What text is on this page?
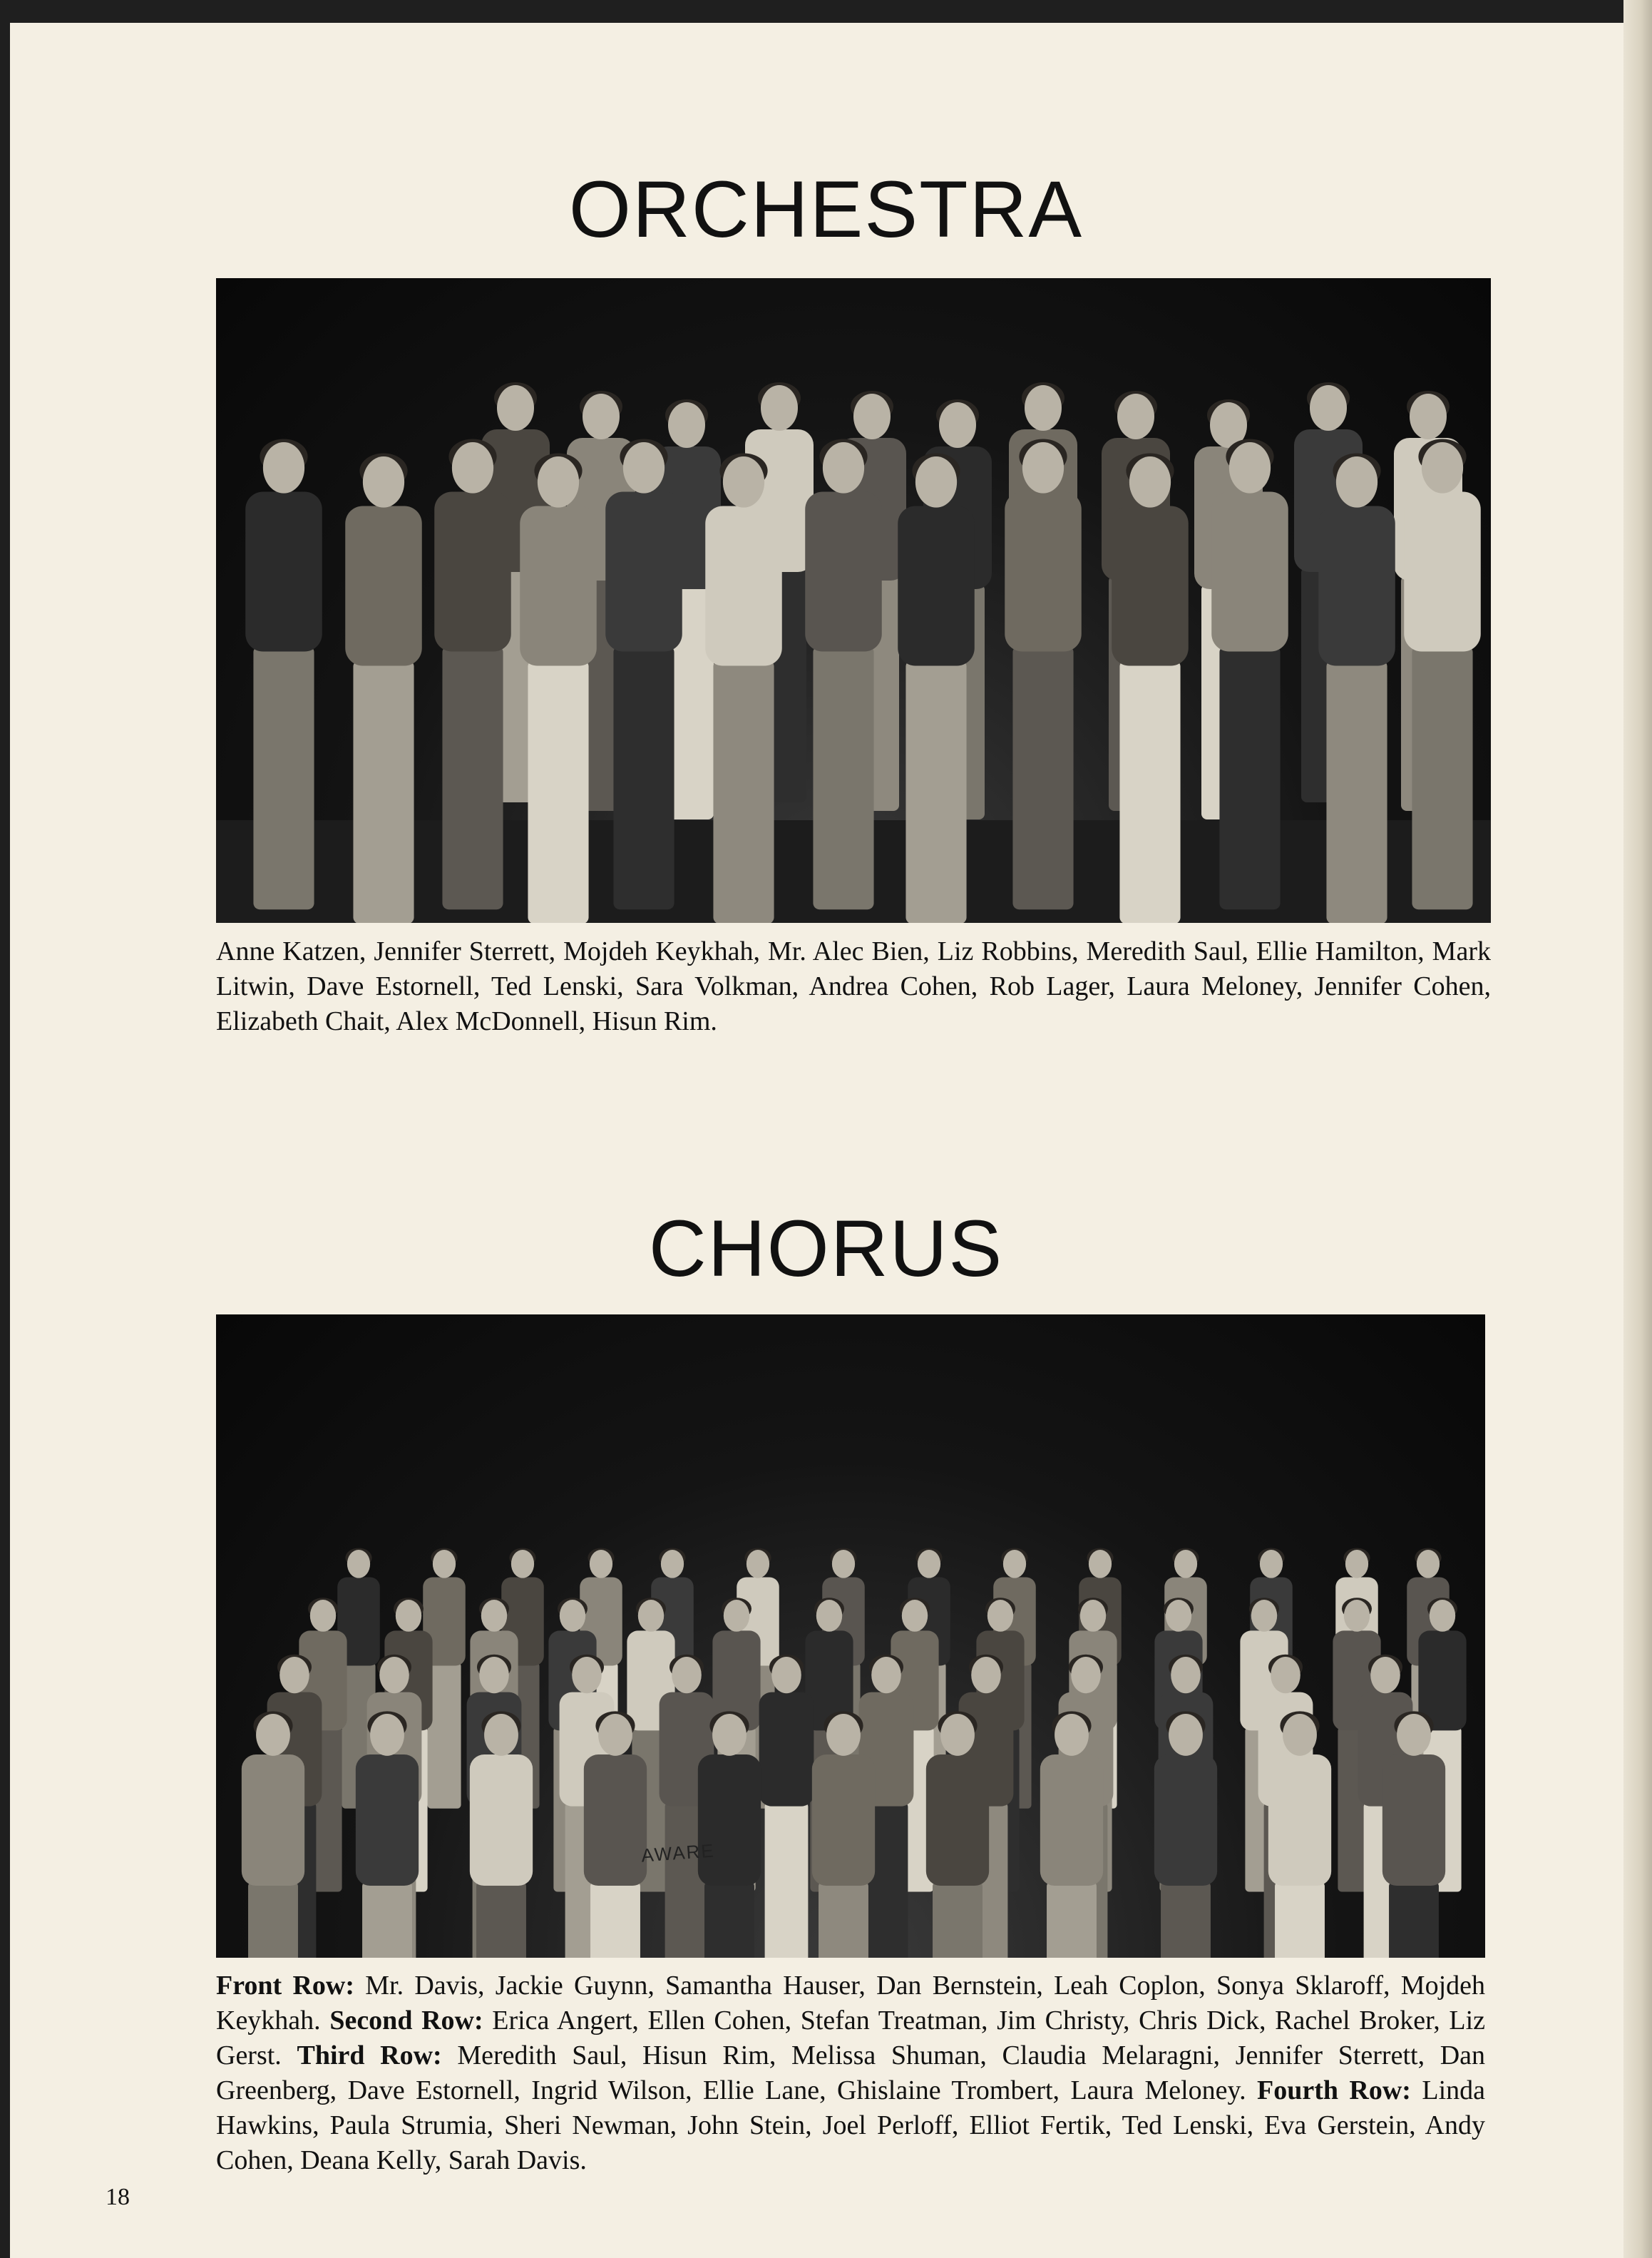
ORCHESTRA

Anne Katzen, Jennifer Sterrett, Mojdeh Keykhah, Mr. Alec Bien, Liz Robbins, Meredith Saul, Ellie Hamilton, Mark Litwin, Dave Estornell, Ted Lenski, Sara Volkman, Andrea Cohen, Rob Lager, Laura Meloney, Jennifer Cohen, Elizabeth Chait, Alex McDonnell, Hisun Rim.

CHORUS
AWARE

Front Row: Mr. Davis, Jackie Guynn, Samantha Hauser, Dan Bernstein, Leah Coplon, Sonya Sklaroff, Mojdeh Keykhah. Second Row: Erica Angert, Ellen Cohen, Stefan Treatman, Jim Christy, Chris Dick, Rachel Broker, Liz Gerst. Third Row: Meredith Saul, Hisun Rim, Melissa Shuman, Claudia Melaragni, Jennifer Sterrett, Dan Greenberg, Dave Estornell, Ingrid Wilson, Ellie Lane, Ghislaine Trombert, Laura Meloney. Fourth Row: Linda Hawkins, Paula Strumia, Sheri Newman, John Stein, Joel Perloff, Elliot Fertik, Ted Lenski, Eva Gerstein, Andy Cohen, Deana Kelly, Sarah Davis.

18
